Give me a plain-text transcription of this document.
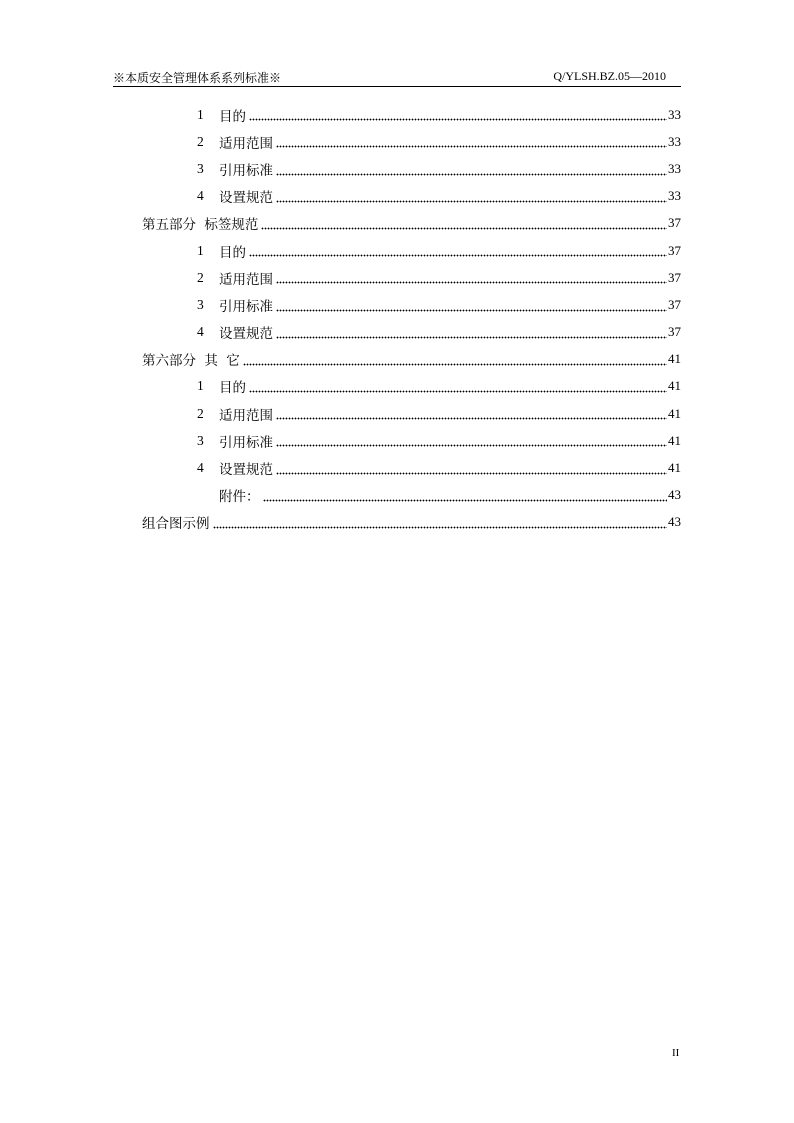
※本质安全管理体系系列标准※	Q/YLSH.BZ.05—2010
1	目的	33
2	适用范围	33
3	引用标准	33
4	设置规范	33
第五部分 标签规范	37
1	目的	37
2	适用范围	37
3	引用标准	37
4	设置规范	37
第六部分 其 它	41
1	目的	41
2	适用范围	41
3	引用标准	41
4	设置规范	41
附件：	43
组合图示例	43
II
